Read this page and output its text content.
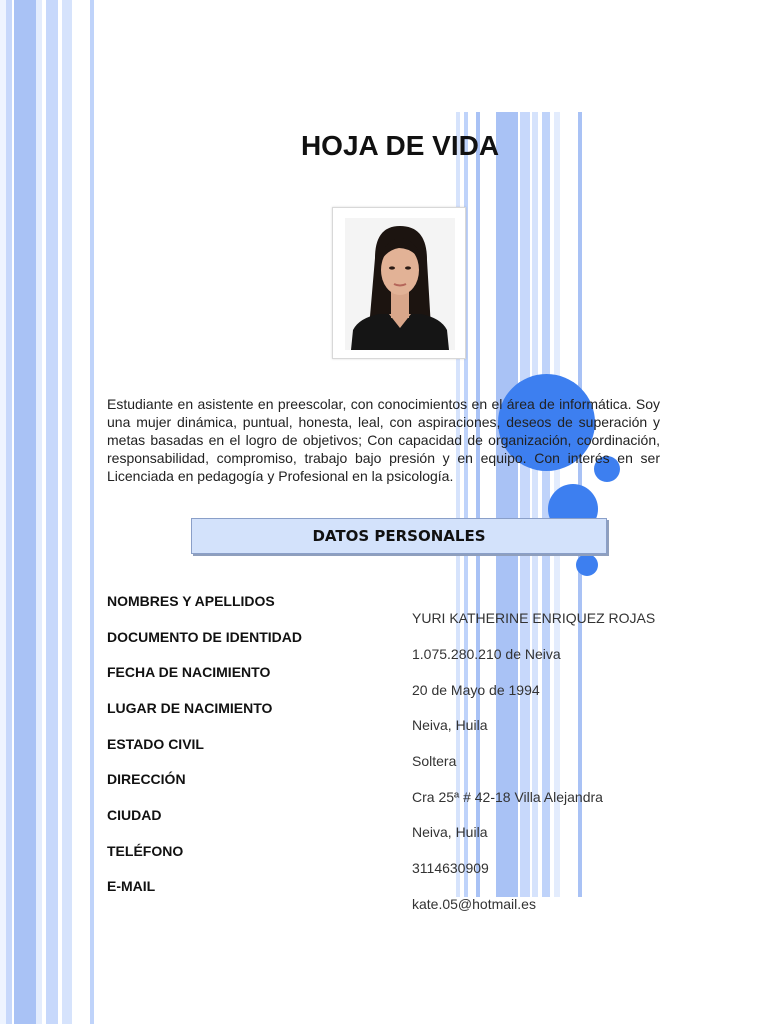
HOJA DE VIDA

Estudiante en asistente en preescolar, con conocimientos en el área de informática. Soy una mujer dinámica, puntual, honesta, leal, con aspiraciones, deseos de superación y metas basadas en el logro de objetivos; Con capacidad de organización, coordinación, responsabilidad, compromiso, trabajo bajo presión y en equipo. Con interés en ser Licenciada en pedagogía y Profesional en la psicología.

DATOS PERSONALES
NOMBRES Y APELLIDOS
DOCUMENTO DE IDENTIDAD
FECHA DE NACIMIENTO
LUGAR DE NACIMIENTO
ESTADO CIVIL
DIRECCIÓN
CIUDAD
TELÉFONO
E-MAIL
YURI KATHERINE ENRIQUEZ ROJAS
1.075.280.210 de Neiva
20 de Mayo de 1994
Neiva, Huila
Soltera
Cra 25ª # 42-18 Villa Alejandra
Neiva, Huila
3114630909
kate.05@hotmail.es
